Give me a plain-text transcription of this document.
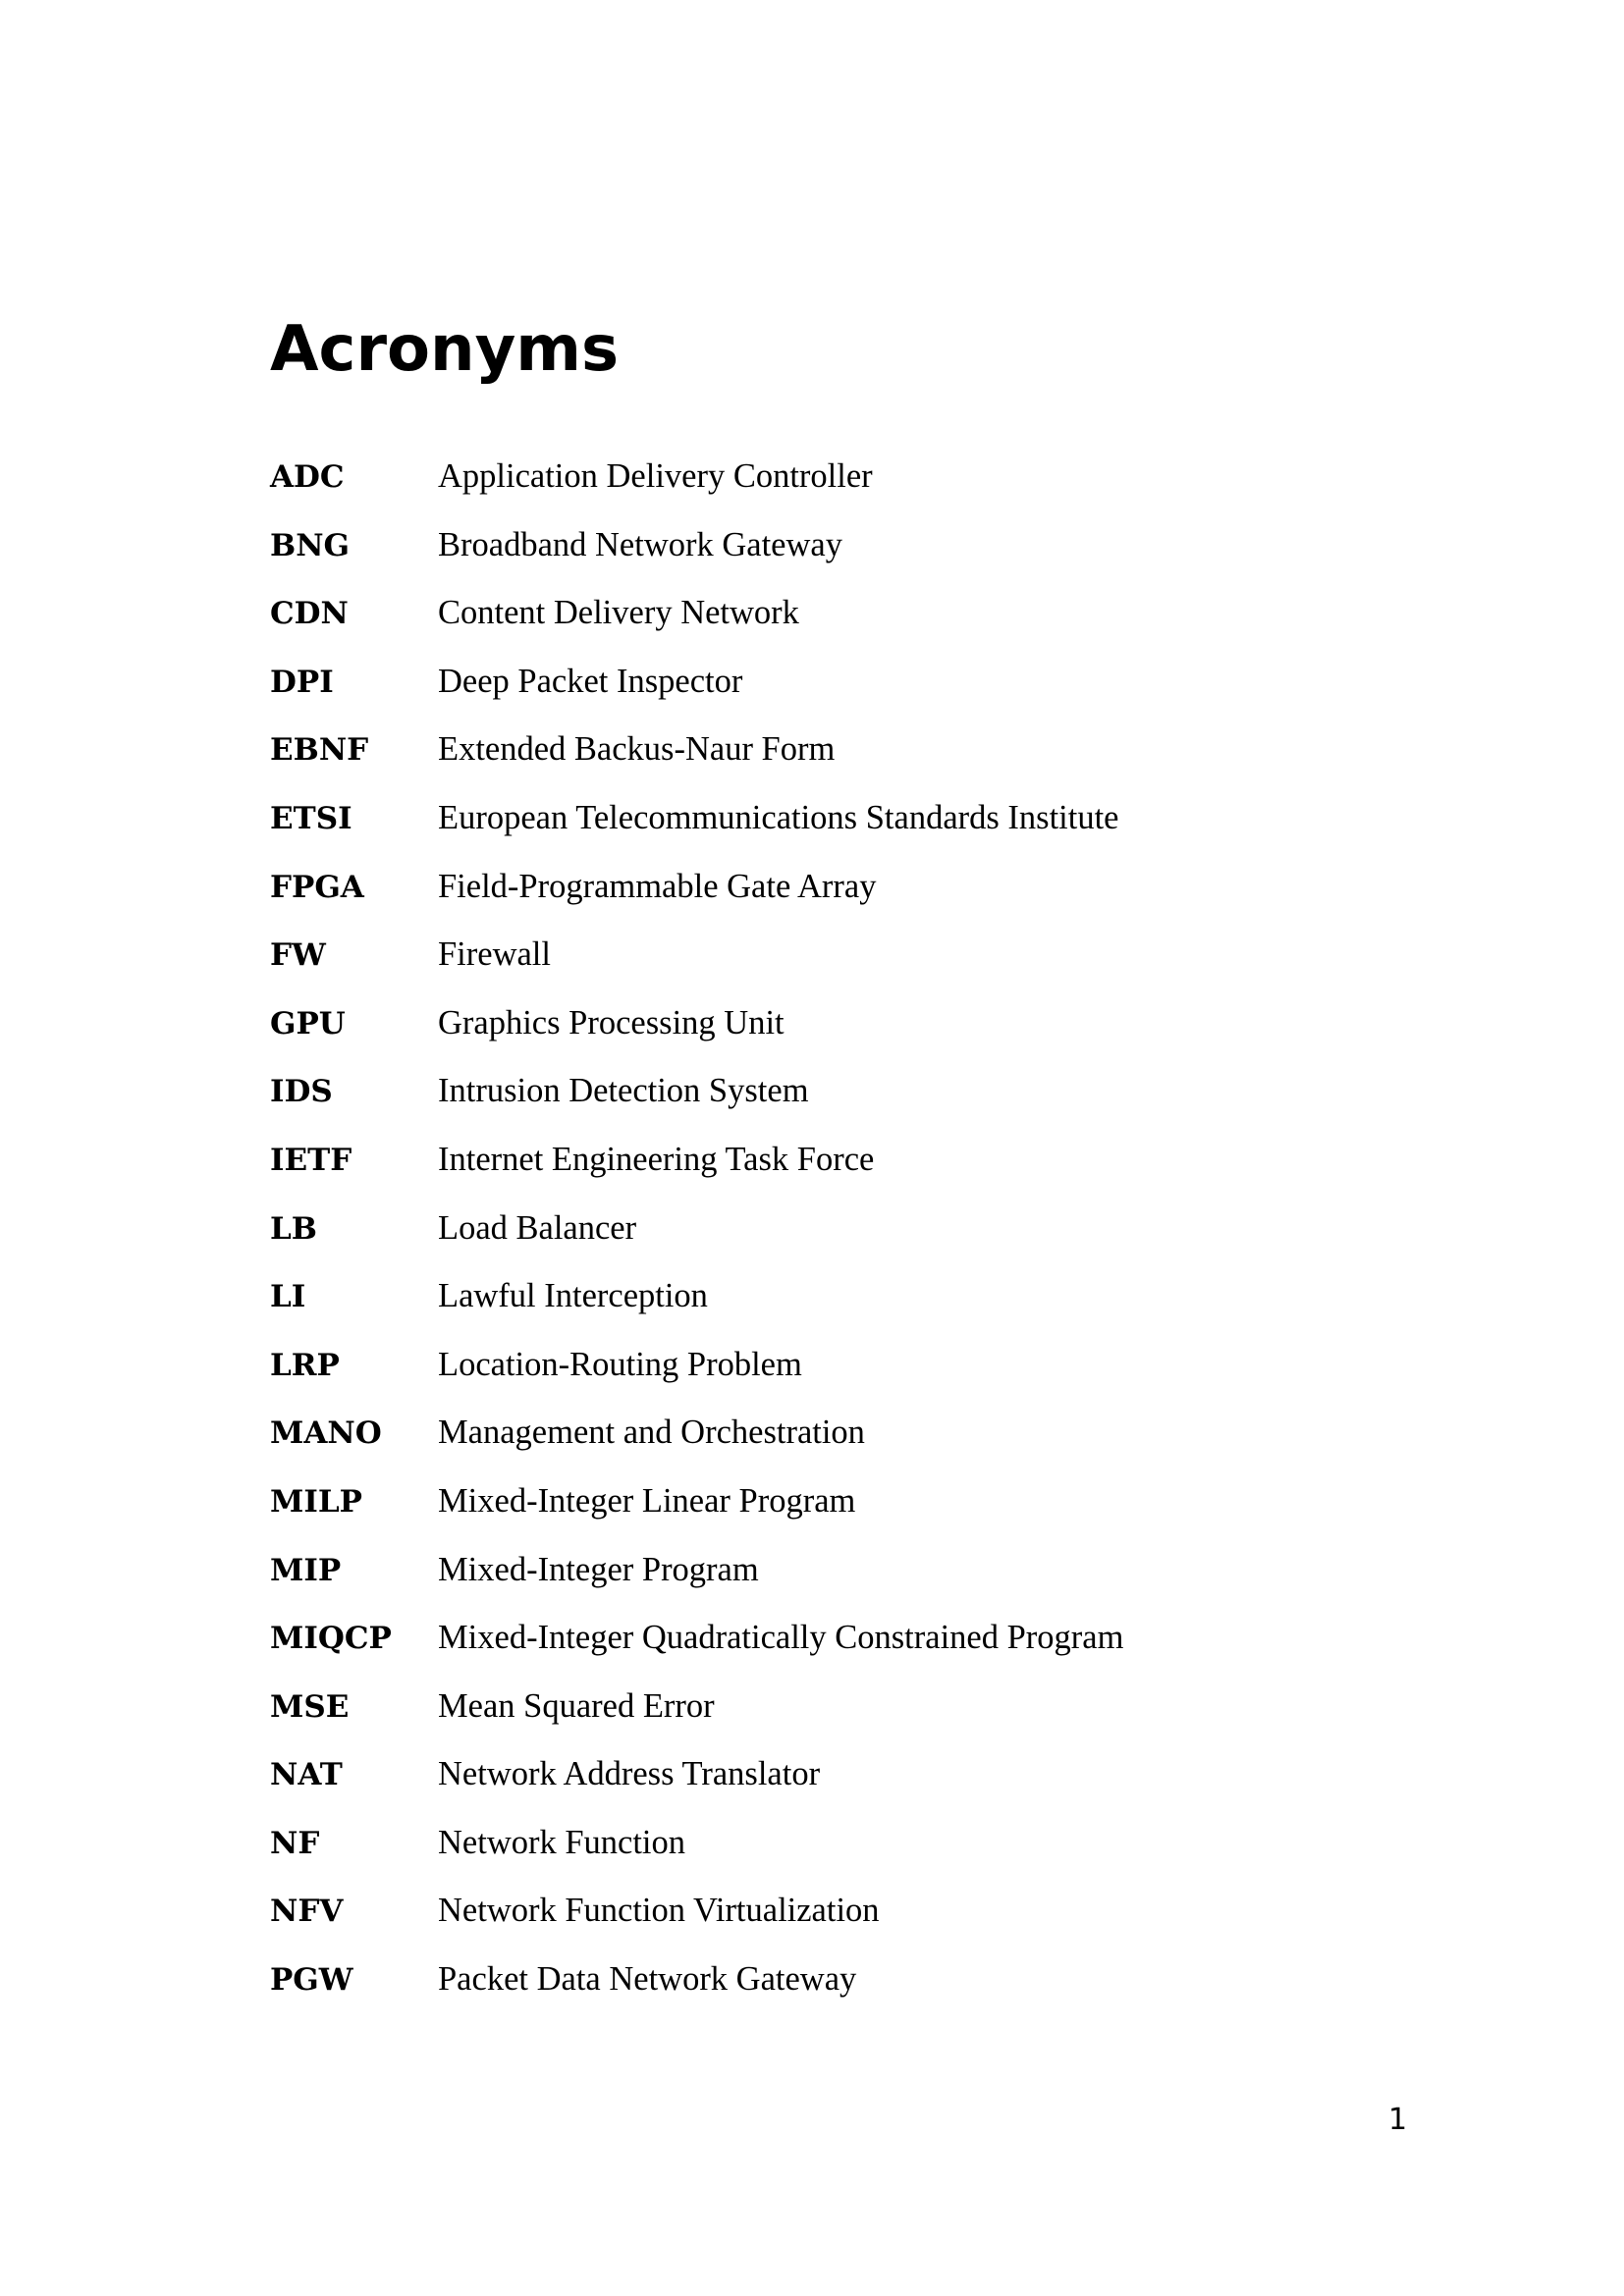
Acronyms
ADC	Application Delivery Controller
BNG	Broadband Network Gateway
CDN	Content Delivery Network
DPI	Deep Packet Inspector
EBNF	Extended Backus-Naur Form
ETSI	European Telecommunications Standards Institute
FPGA	Field-Programmable Gate Array
FW	Firewall
GPU	Graphics Processing Unit
IDS	Intrusion Detection System
IETF	Internet Engineering Task Force
LB	Load Balancer
LI	Lawful Interception
LRP	Location-Routing Problem
MANO	Management and Orchestration
MILP	Mixed-Integer Linear Program
MIP	Mixed-Integer Program
MIQCP	Mixed-Integer Quadratically Constrained Program
MSE	Mean Squared Error
NAT	Network Address Translator
NF	Network Function
NFV	Network Function Virtualization
PGW	Packet Data Network Gateway
1
